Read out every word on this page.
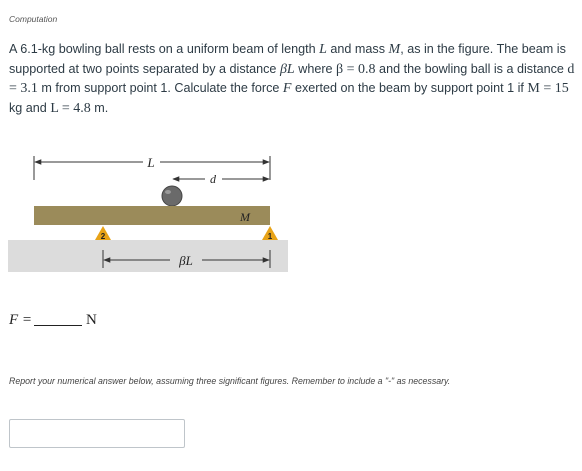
Computation
A 6.1-kg bowling ball rests on a uniform beam of length L and mass M, as in the figure. The beam is supported at two points separated by a distance βL where β = 0.8 and the bowling ball is a distance d = 3.1 m from support point 1. Calculate the force F exerted on the beam by support point 1 if M = 15 kg and L = 4.8 m.
L
d
M
2	1
βL
F =	N
Report your numerical answer below, assuming three significant figures. Remember to include a "-" as necessary.
